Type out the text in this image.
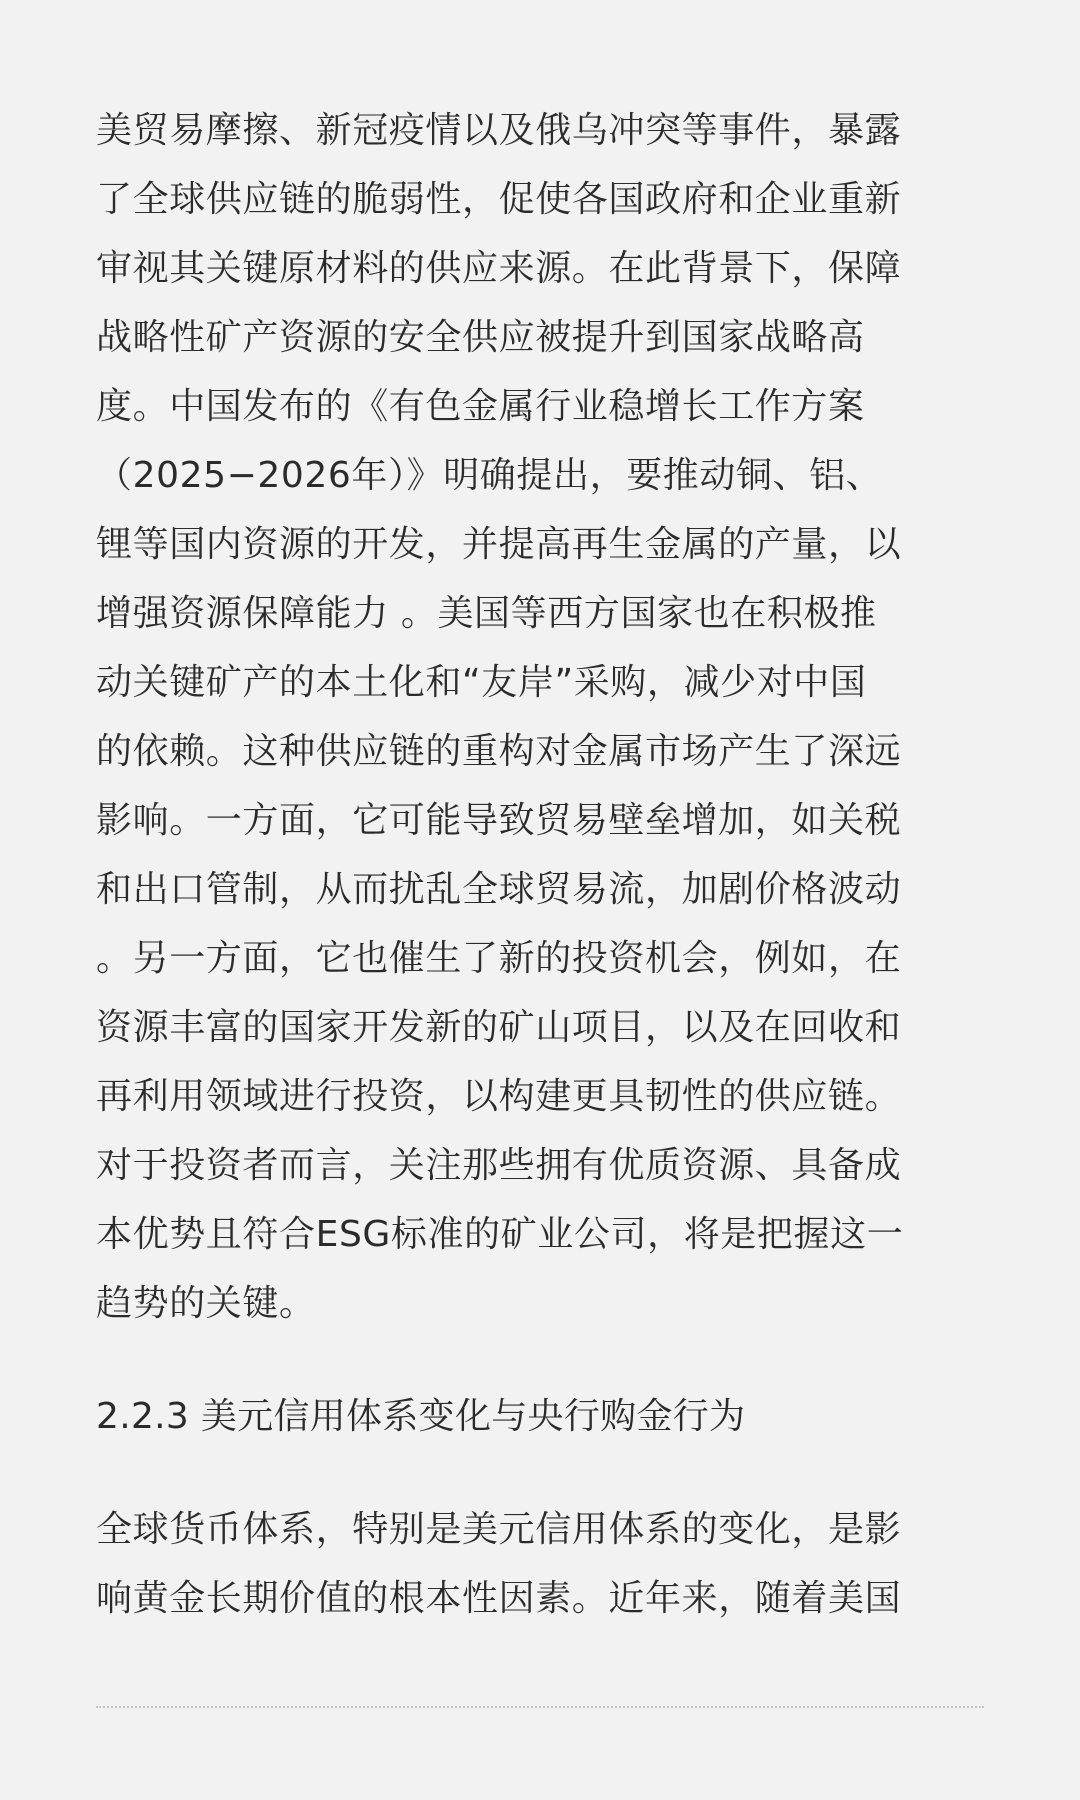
美贸易摩擦、新冠疫情以及俄乌冲突等事件，暴露
了全球供应链的脆弱性，促使各国政府和企业重新
审视其关键原材料的供应来源。在此背景下，保障
战略性矿产资源的安全供应被提升到国家战略高
度。中国发布的《有色金属行业稳增长工作方案
（2025−2026年）》明确提出，要推动铜、铝、
锂等国内资源的开发，并提高再生金属的产量，以
增强资源保障能力 。美国等西方国家也在积极推
动关键矿产的本土化和“友岸”采购，减少对中国
的依赖。这种供应链的重构对金属市场产生了深远
影响。一方面，它可能导致贸易壁垒增加，如关税
和出口管制，从而扰乱全球贸易流，加剧价格波动
。另一方面，它也催生了新的投资机会，例如，在
资源丰富的国家开发新的矿山项目，以及在回收和
再利用领域进行投资，以构建更具韧性的供应链。
对于投资者而言，关注那些拥有优质资源、具备成
本优势且符合ESG标准的矿业公司，将是把握这一
趋势的关键。
2.2.3 美元信用体系变化与央行购金行为
全球货币体系，特别是美元信用体系的变化，是影
响黄金长期价值的根本性因素。近年来，随着美国
